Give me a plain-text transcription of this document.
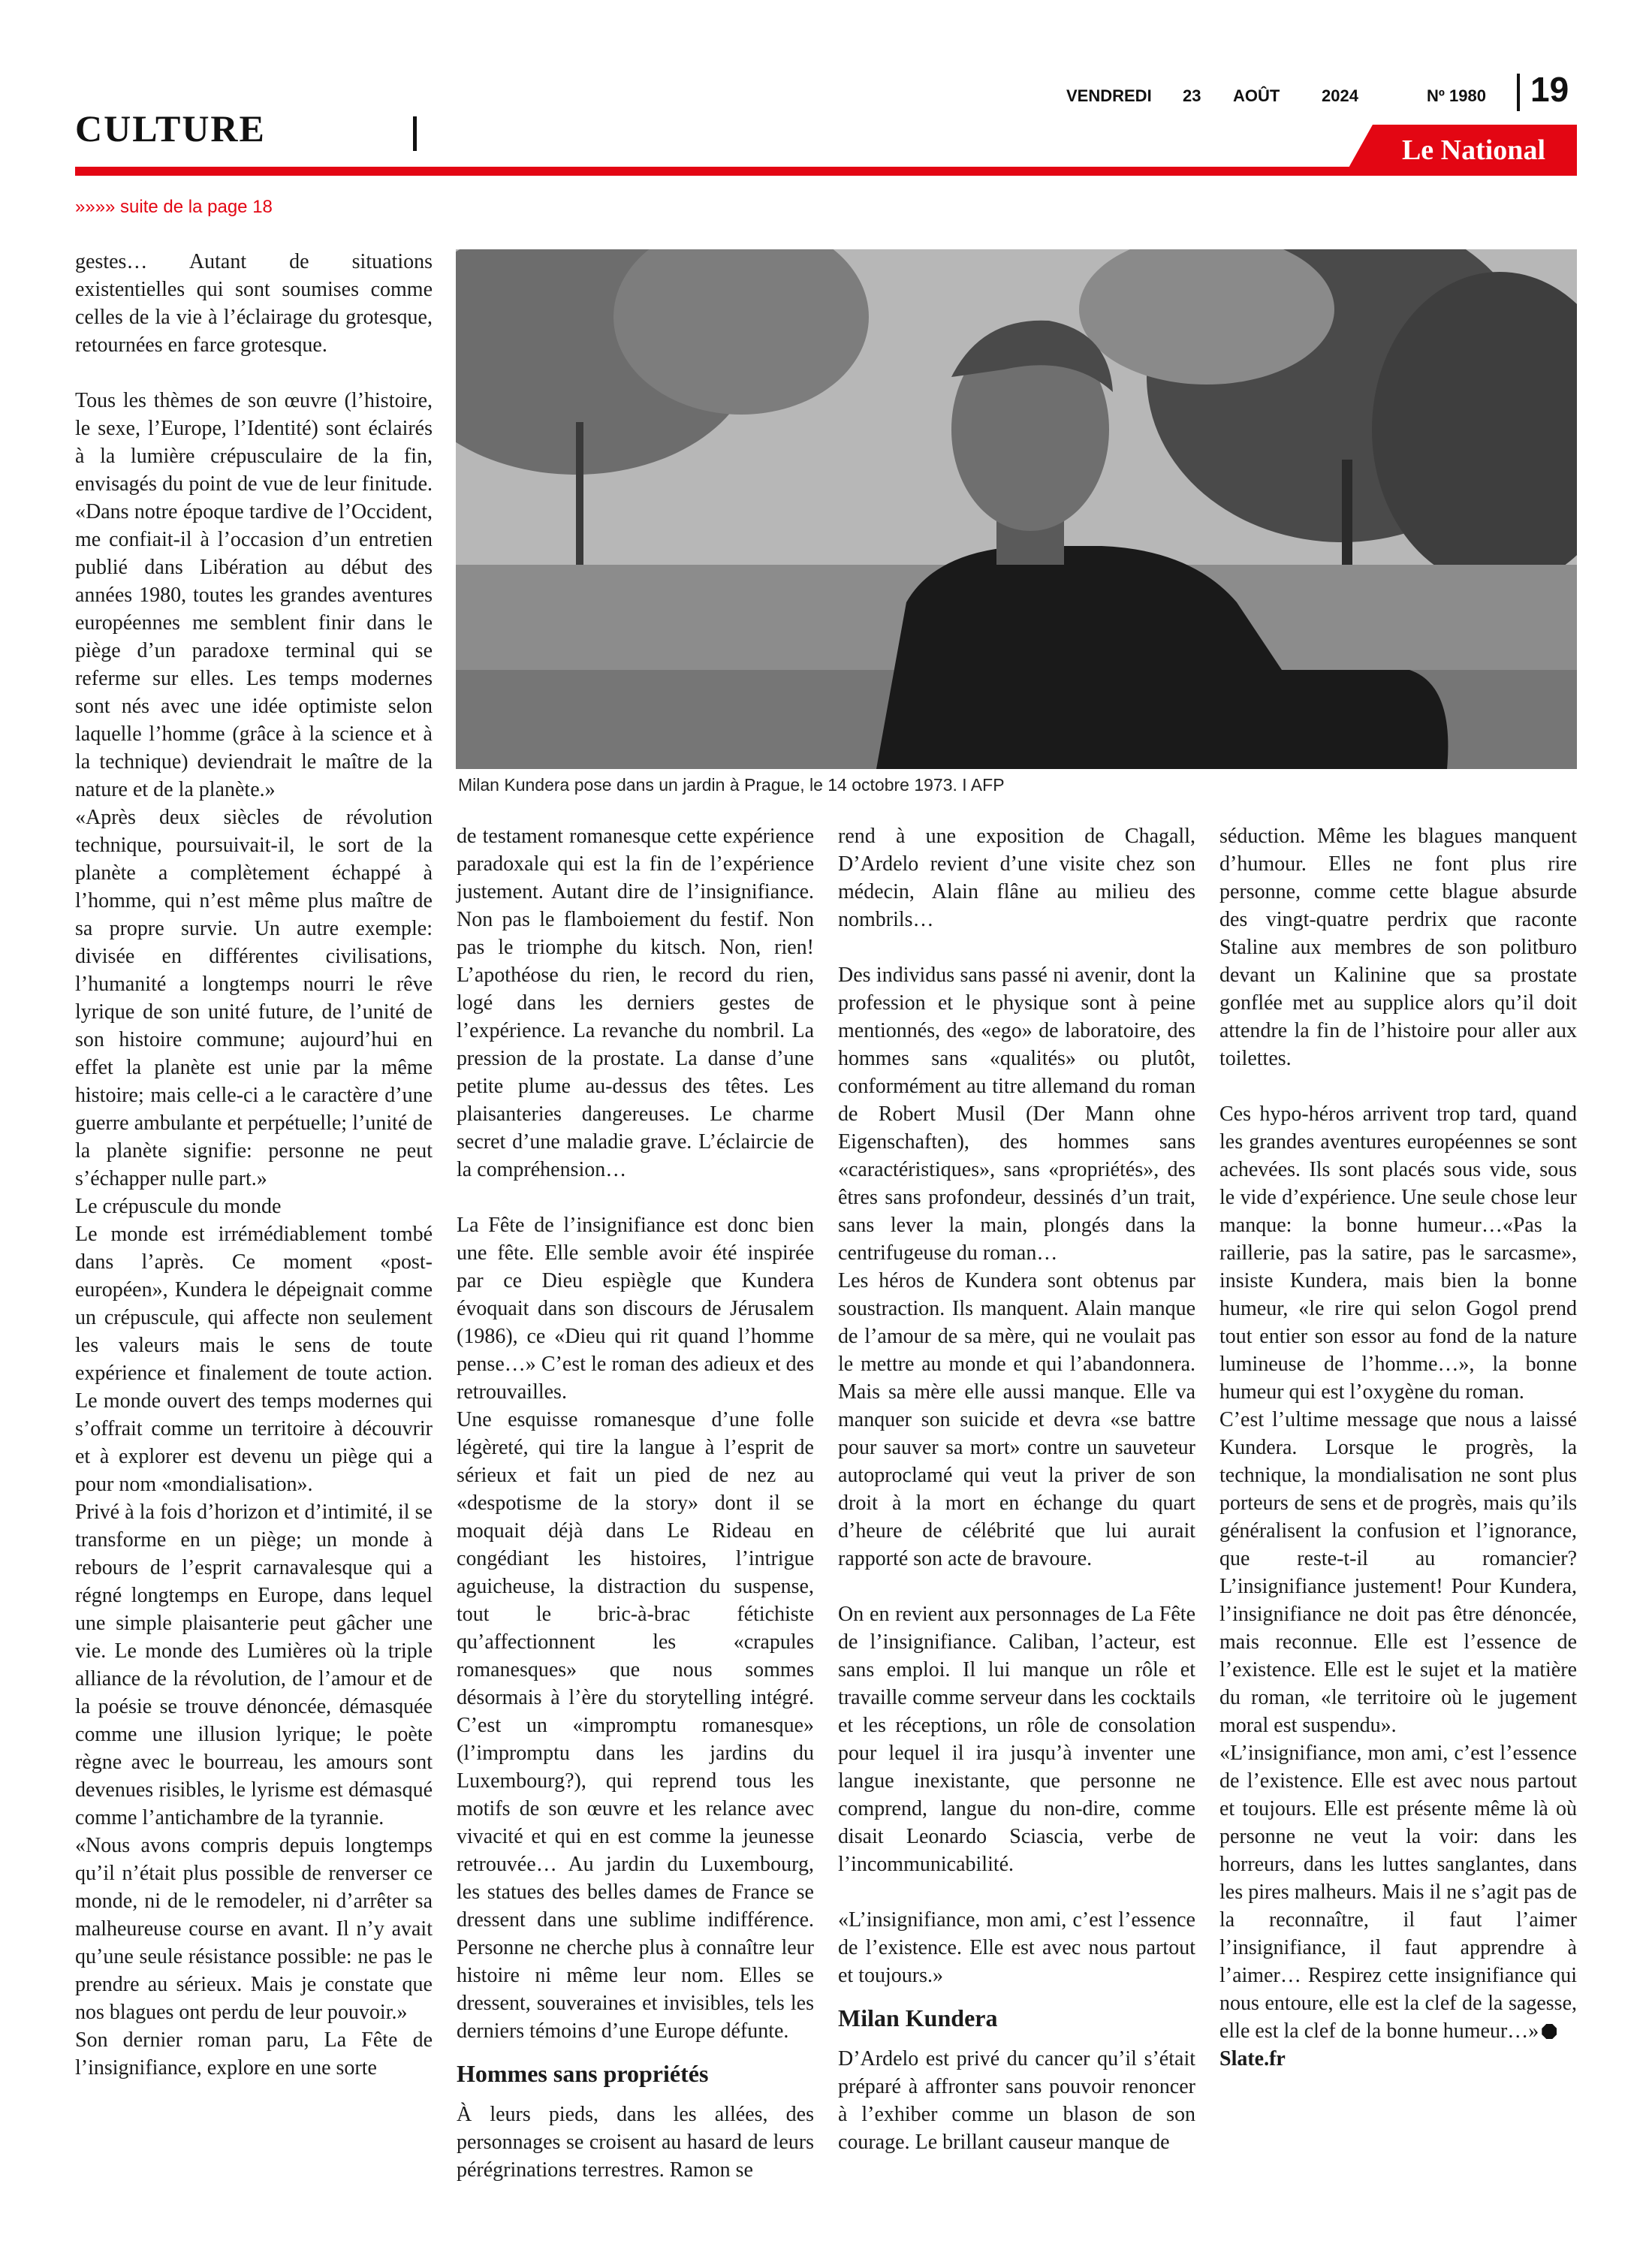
CULTURE
VENDREDI 23 AOÛT	2024	Nº 1980 19
Le National
»»»» suite de la page 18
Milan Kundera pose dans un jardin à Prague, le 14 octobre 1973. I AFP

gestes… Autant de situations existentielles qui sont soumises comme celles de la vie à l’éclairage du grotesque, retournées en farce grotesque.

Tous les thèmes de son œuvre (l’histoire, le sexe, l’Europe, l’Identité) sont éclairés à la lumière crépusculaire de la fin, envisagés du point de vue de leur finitude. «Dans notre époque tardive de l’Occident, me confiait-il à l’occasion d’un entretien publié dans Libération au début des années 1980, toutes les grandes aventures européennes me semblent finir dans le piège d’un paradoxe terminal qui se referme sur elles. Les temps modernes sont nés avec une idée optimiste selon laquelle l’homme (grâce à la science et à la technique) deviendrait le maître de la nature et de la planète.»

«Après deux siècles de révolution technique, poursuivait-il, le sort de la planète a complètement échappé à l’homme, qui n’est même plus maître de sa propre survie. Un autre exemple: divisée en différentes civilisations, l’humanité a longtemps nourri le rêve lyrique de son unité future, de l’unité de son histoire commune; aujourd’hui en effet la planète est unie par la même histoire; mais celle-ci a le caractère d’une guerre ambulante et perpétuelle; l’unité de la planète signifie: personne ne peut s’échapper nulle part.»

Le crépuscule du monde

Le monde est irrémédiablement tombé dans l’après. Ce moment «post-européen», Kundera le dépeignait comme un crépuscule, qui affecte non seulement les valeurs mais le sens de toute expérience et finalement de toute action. Le monde ouvert des temps modernes qui s’offrait comme un territoire à découvrir et à explorer est devenu un piège qui a pour nom «mondialisation».

Privé à la fois d’horizon et d’intimité, il se transforme en un piège; un monde à rebours de l’esprit carnavalesque qui a régné longtemps en Europe, dans lequel une simple plaisanterie peut gâcher une vie. Le monde des Lumières où la triple alliance de la révolution, de l’amour et de la poésie se trouve dénoncée, démasquée comme une illusion lyrique; le poète règne avec le bourreau, les amours sont devenues risibles, le lyrisme est démasqué comme l’antichambre de la tyrannie.

«Nous avons compris depuis longtemps qu’il n’était plus possible de renverser ce monde, ni de le remodeler, ni d’arrêter sa malheureuse course en avant. Il n’y avait qu’une seule résistance possible: ne pas le prendre au sérieux. Mais je constate que nos blagues ont perdu de leur pouvoir.»

Son dernier roman paru, La Fête de l’insignifiance, explore en une sorte

de testament romanesque cette expérience paradoxale qui est la fin de l’expérience justement. Autant dire de l’insignifiance. Non pas le flamboiement du festif. Non pas le triomphe du kitsch. Non, rien! L’apothéose du rien, le record du rien, logé dans les derniers gestes de l’expérience. La revanche du nombril. La pression de la prostate. La danse d’une petite plume au-dessus des têtes. Les plaisanteries dangereuses. Le charme secret d’une maladie grave. L’éclaircie de la compréhension…

La Fête de l’insignifiance est donc bien une fête. Elle semble avoir été inspirée par ce Dieu espiègle que Kundera évoquait dans son discours de Jérusalem (1986), ce «Dieu qui rit quand l’homme pense…» C’est le roman des adieux et des retrouvailles.

Une esquisse romanesque d’une folle légèreté, qui tire la langue à l’esprit de sérieux et fait un pied de nez au «despotisme de la story» dont il se moquait déjà dans Le Rideau en congédiant les histoires, l’intrigue aguicheuse, la distraction du suspense, tout le bric-à-brac fétichiste qu’affectionnent les «crapules romanesques» que nous sommes désormais à l’ère du storytelling intégré. C’est un «impromptu romanesque» (l’impromptu dans les jardins du Luxembourg?), qui reprend tous les motifs de son œuvre et les relance avec vivacité et qui en est comme la jeunesse retrouvée… Au jardin du Luxembourg, les statues des belles dames de France se dressent dans une sublime indifférence. Personne ne cherche plus à connaître leur histoire ni même leur nom. Elles se dressent, souveraines et invisibles, tels les derniers témoins d’une Europe défunte.

Hommes sans propriétés

À leurs pieds, dans les allées, des personnages se croisent au hasard de leurs pérégrinations terrestres. Ramon se

rend à une exposition de Chagall, D’Ardelo revient d’une visite chez son médecin, Alain flâne au milieu des nombrils…

Des individus sans passé ni avenir, dont la profession et le physique sont à peine mentionnés, des «ego» de laboratoire, des hommes sans «qualités» ou plutôt, conformément au titre allemand du roman de Robert Musil (Der Mann ohne Eigenschaften), des hommes sans «caractéristiques», sans «propriétés», des êtres sans profondeur, dessinés d’un trait, sans lever la main, plongés dans la centrifugeuse du roman…

Les héros de Kundera sont obtenus par soustraction. Ils manquent. Alain manque de l’amour de sa mère, qui ne voulait pas le mettre au monde et qui l’abandonnera. Mais sa mère elle aussi manque. Elle va manquer son suicide et devra «se battre pour sauver sa mort» contre un sauveteur autoproclamé qui veut la priver de son droit à la mort en échange du quart d’heure de célébrité que lui aurait rapporté son acte de bravoure.

On en revient aux personnages de La Fête de l’insignifiance. Caliban, l’acteur, est sans emploi. Il lui manque un rôle et travaille comme serveur dans les cocktails et les réceptions, un rôle de consolation pour lequel il ira jusqu’à inventer une langue inexistante, que personne ne comprend, langue du non-dire, comme disait Leonardo Sciascia, verbe de l’incommunicabilité.

«L’insignifiance, mon ami, c’est l’essence de l’existence. Elle est avec nous partout et toujours.»

Milan Kundera

D’Ardelo est privé du cancer qu’il s’était préparé à affronter sans pouvoir renoncer à l’exhiber comme un blason de son courage. Le brillant causeur manque de

séduction. Même les blagues manquent d’humour. Elles ne font plus rire personne, comme cette blague absurde des vingt-quatre perdrix que raconte Staline aux membres de son politburo devant un Kalinine que sa prostate gonflée met au supplice alors qu’il doit attendre la fin de l’histoire pour aller aux toilettes.

Ces hypo-héros arrivent trop tard, quand les grandes aventures européennes se sont achevées. Ils sont placés sous vide, sous le vide d’expérience. Une seule chose leur manque: la bonne humeur…«Pas la raillerie, pas la satire, pas le sarcasme», insiste Kundera, mais bien la bonne humeur, «le rire qui selon Gogol prend tout entier son essor au fond de la nature lumineuse de l’homme…», la bonne humeur qui est l’oxygène du roman.

C’est l’ultime message que nous a laissé Kundera. Lorsque le progrès, la technique, la mondialisation ne sont plus porteurs de sens et de progrès, mais qu’ils généralisent la confusion et l’ignorance, que reste-t-il au romancier? L’insignifiance justement! Pour Kundera, l’insignifiance ne doit pas être dénoncée, mais reconnue. Elle est l’essence de l’existence. Elle est le sujet et la matière du roman, «le territoire où le jugement moral est suspendu».

«L’insignifiance, mon ami, c’est l’essence de l’existence. Elle est avec nous partout et toujours. Elle est présente même là où personne ne veut la voir: dans les horreurs, dans les luttes sanglantes, dans les pires malheurs. Mais il ne s’agit pas de la reconnaître, il faut l’aimer l’insignifiance, il faut apprendre à l’aimer… Respirez cette insignifiance qui nous entoure, elle est la clef de la sagesse, elle est la clef de la bonne humeur…»

Slate.fr
